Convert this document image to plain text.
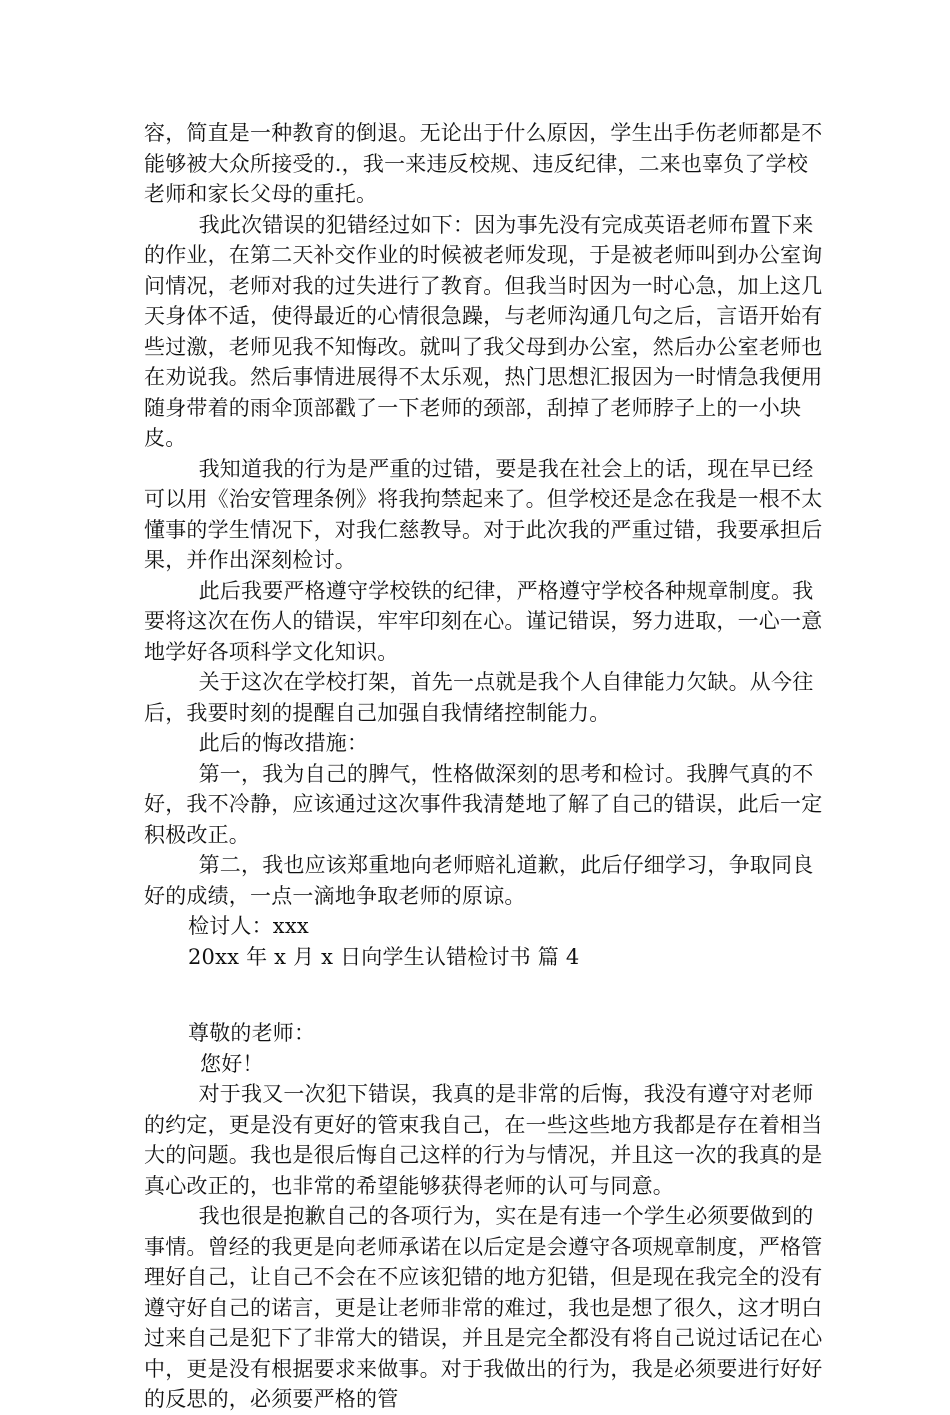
容，简直是一种教育的倒退。无论出于什么原因，学生出手伤老师都是不能够被大众所接受的.，我一来违反校规、违反纪律，二来也辜负了学校老师和家长父母的重托。

我此次错误的犯错经过如下：因为事先没有完成英语老师布置下来的作业，在第二天补交作业的时候被老师发现，于是被老师叫到办公室询问情况，老师对我的过失进行了教育。但我当时因为一时心急，加上这几天身体不适，使得最近的心情很急躁，与老师沟通几句之后，言语开始有些过激，老师见我不知悔改。就叫了我父母到办公室，然后办公室老师也在劝说我。然后事情进展得不太乐观，热门思想汇报因为一时情急我便用随身带着的雨伞顶部戳了一下老师的颈部，刮掉了老师脖子上的一小块皮。

我知道我的行为是严重的过错，要是我在社会上的话，现在早已经可以用《治安管理条例》将我拘禁起来了。但学校还是念在我是一根不太懂事的学生情况下，对我仁慈教导。对于此次我的严重过错，我要承担后果，并作出深刻检讨。

此后我要严格遵守学校铁的纪律，严格遵守学校各种规章制度。我要将这次在伤人的错误，牢牢印刻在心。谨记错误，努力进取，一心一意地学好各项科学文化知识。

关于这次在学校打架，首先一点就是我个人自律能力欠缺。从今往后，我要时刻的提醒自己加强自我情绪控制能力。

此后的悔改措施：

第一，我为自己的脾气，性格做深刻的思考和检讨。我脾气真的不好，我不冷静，应该通过这次事件我清楚地了解了自己的错误，此后一定积极改正。

第二，我也应该郑重地向老师赔礼道歉，此后仔细学习，争取同良好的成绩，一点一滴地争取老师的原谅。

检讨人：xxx

20xx 年 x 月 x 日向学生认错检讨书 篇 4

尊敬的老师：

您好！

对于我又一次犯下错误，我真的是非常的后悔，我没有遵守对老师的约定，更是没有更好的管束我自己，在一些这些地方我都是存在着相当大的问题。我也是很后悔自己这样的行为与情况，并且这一次的我真的是真心改正的，也非常的希望能够获得老师的认可与同意。

我也很是抱歉自己的各项行为，实在是有违一个学生必须要做到的事情。曾经的我更是向老师承诺在以后定是会遵守各项规章制度，严格管理好自己，让自己不会在不应该犯错的地方犯错，但是现在我完全的没有遵守好自己的诺言，更是让老师非常的难过，我也是想了很久，这才明白过来自己是犯下了非常大的错误，并且是完全都没有将自己说过话记在心中，更是没有根据要求来做事。对于我做出的行为，我是必须要进行好好的反思的，必须要严格的管
